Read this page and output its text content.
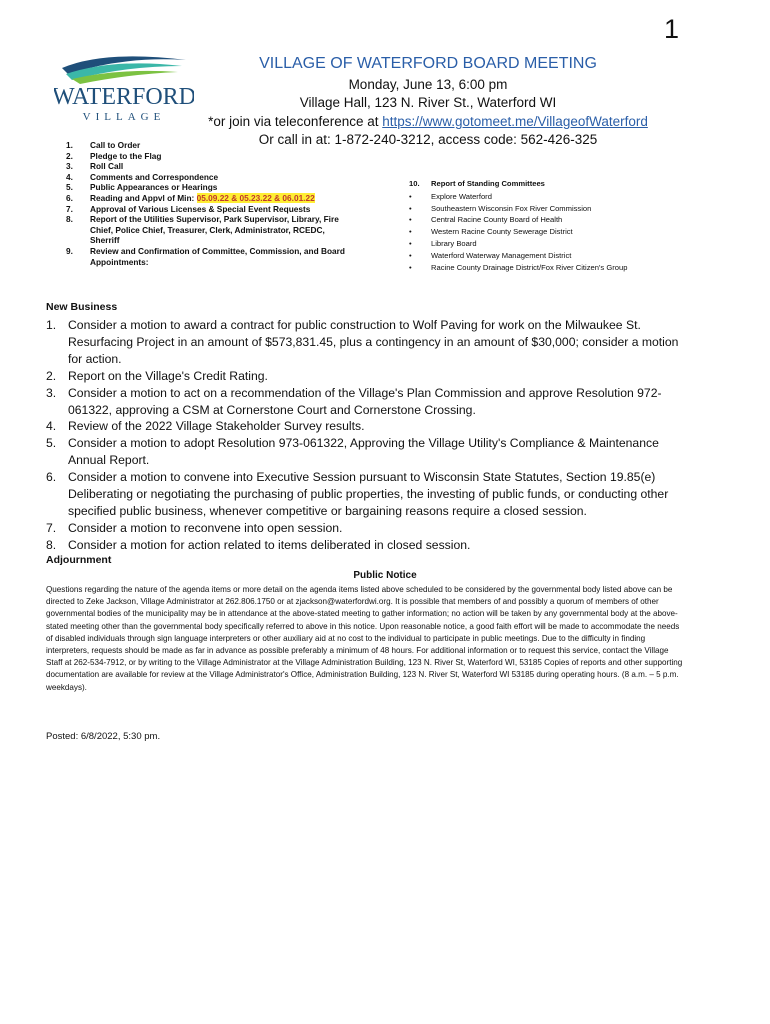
1
WATERFORD
VILLAGE
VILLAGE OF WATERFORD BOARD MEETING
Monday, June 13, 6:00 pm
Village Hall, 123 N. River St., Waterford WI
*or join via teleconference at https://www.gotomeet.me/VillageofWaterford
Or call in at: 1-872-240-3212, access code: 562-426-325
1.	Call to Order
2.	Pledge to the Flag
3.	Roll Call
4.	Comments and Correspondence
5.	Public Appearances or Hearings
6.	Reading and Appvl of Min: 05.09.22 & 05.23.22 & 06.01.22
7.	Approval of Various Licenses & Special Event Requests
8.	Report of the Utilities Supervisor, Park Supervisor, Library, Fire Chief, Police Chief, Treasurer, Clerk, Administrator, RCEDC, Sherriff
9.	Review and Confirmation of Committee, Commission, and Board Appointments:
10.	Report of Standing Committees
•	Explore Waterford
•	Southeastern Wisconsin Fox River Commission
•	Central Racine County Board of Health
•	Western Racine County Sewerage District
•	Library Board
•	Waterford Waterway Management District
•	Racine County Drainage District/Fox River Citizen's Group
New Business
1. Consider a motion to award a contract for public construction to Wolf Paving for work on the Milwaukee St. Resurfacing Project in an amount of $573,831.45, plus a contingency in an amount of $30,000; consider a motion for action.
2. Report on the Village's Credit Rating.
3. Consider a motion to act on a recommendation of the Village's Plan Commission and approve Resolution 972-061322, approving a CSM at Cornerstone Court and Cornerstone Crossing.
4. Review of the 2022 Village Stakeholder Survey results.
5. Consider a motion to adopt Resolution 973-061322, Approving the Village Utility's Compliance & Maintenance Annual Report.
6. Consider a motion to convene into Executive Session pursuant to Wisconsin State Statutes, Section 19.85(e) Deliberating or negotiating the purchasing of public properties, the investing of public funds, or conducting other specified public business, whenever competitive or bargaining reasons require a closed session.
7. Consider a motion to reconvene into open session.
8. Consider a motion for action related to items deliberated in closed session.
Adjournment
Public Notice
Questions regarding the nature of the agenda items or more detail on the agenda items listed above scheduled to be considered by the governmental body listed above can be directed to Zeke Jackson, Village Administrator at 262.806.1750 or at zjackson@waterfordwi.org. It is possible that members of and possibly a quorum of members of other governmental bodies of the municipality may be in attendance at the above-stated meeting to gather information; no action will be taken by any governmental body at the above-stated meeting other than the governmental body specifically referred to above in this notice. Upon reasonable notice, a good faith effort will be made to accommodate the needs of disabled individuals through sign language interpreters or other auxiliary aid at no cost to the individual to participate in public meetings. Due to the difficulty in finding interpreters, requests should be made as far in advance as possible preferably a minimum of 48 hours. For additional information or to request this service, contact the Village Staff at 262-534-7912, or by writing to the Village Administrator at the Village Administration Building, 123 N. River St, Waterford WI, 53185 Copies of reports and other supporting documentation are available for review at the Village Administrator's Office, Administration Building, 123 N. River St, Waterford WI 53185 during operating hours. (8 a.m. – 5 p.m. weekdays).
Posted: 6/8/2022, 5:30 pm.
